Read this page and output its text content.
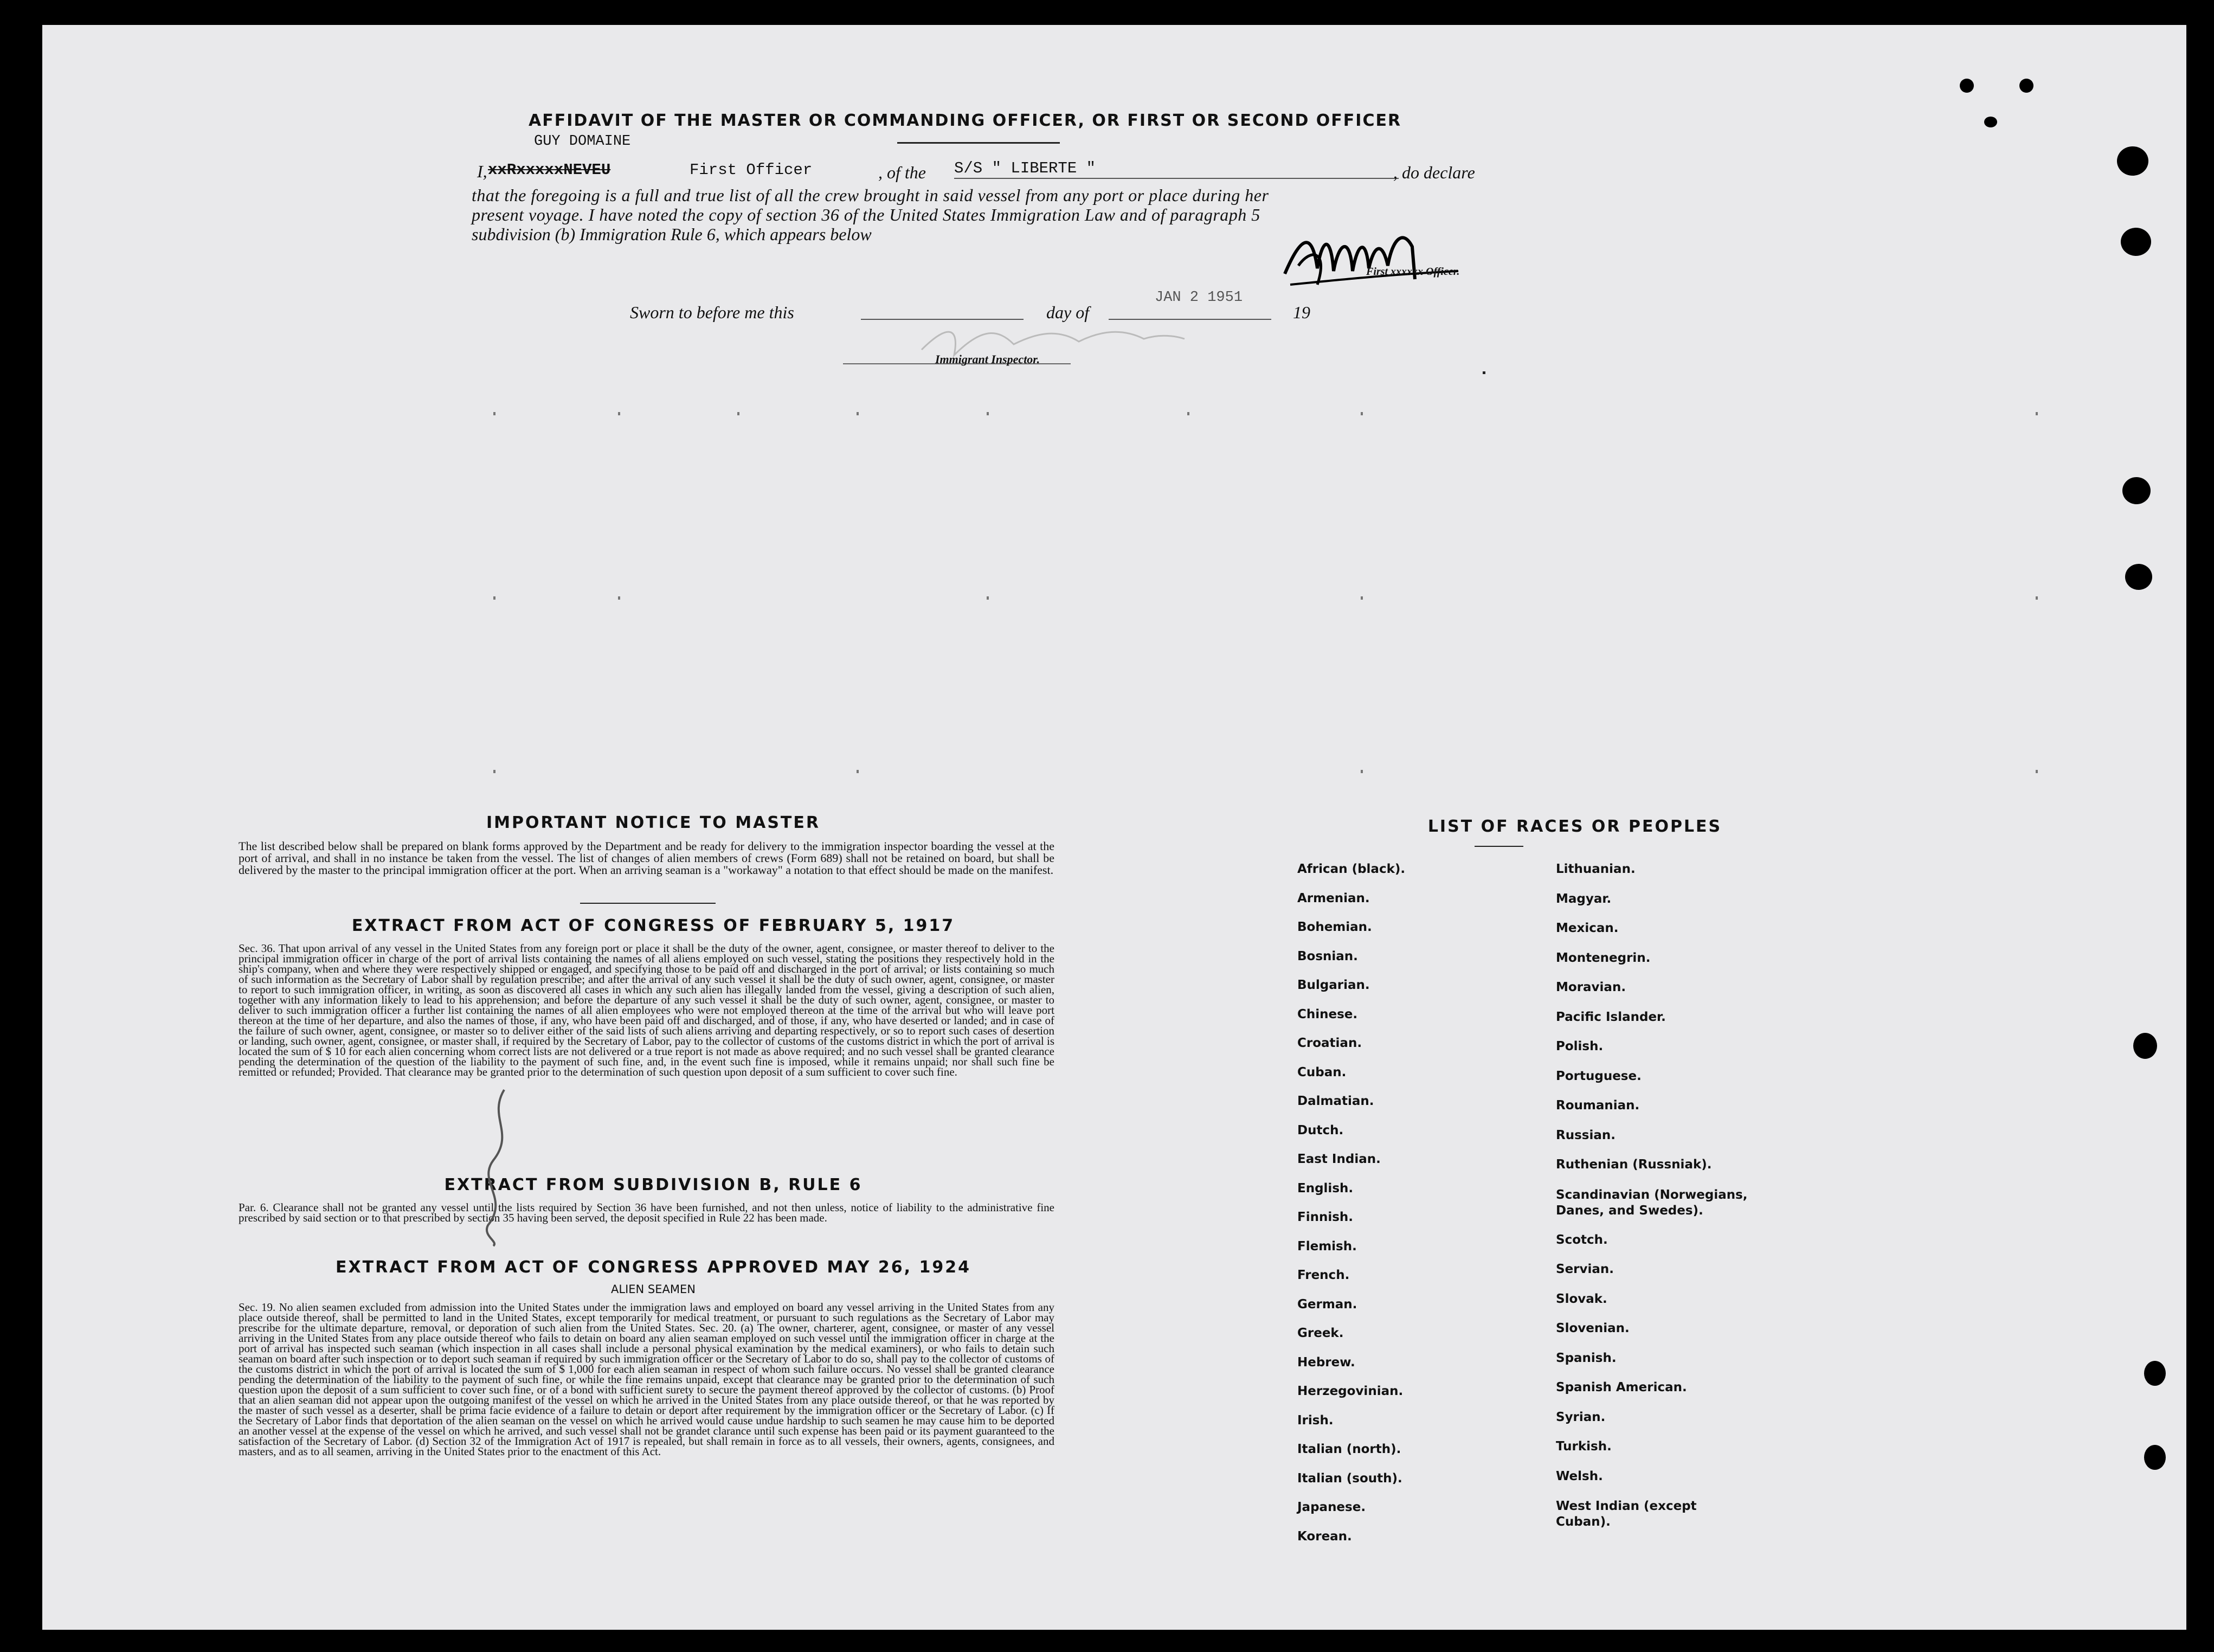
AFFIDAVIT OF THE MASTER OR COMMANDING OFFICER, OR FIRST OR SECOND OFFICER
GUY DOMAINE
I, xxRxxxxxNEVEU	First Officer	, of the S/S " LIBERTE "	, do declare
that the foregoing is a full and true list of all the crew brought in said vessel from any port or place during her
present voyage. I have noted the copy of section 36 of the United States Immigration Law and of paragraph 5
subdivision (b) Immigration Rule 6, which appears below
First xxxxxx Officer.
Sworn to before me this	day of
JAN 2 1951
19
Immigrant Inspector.
IMPORTANT NOTICE TO MASTER
The list described below shall be prepared on blank forms approved by the Department and be ready for delivery to the immigration inspector boarding the vessel at the port of arrival, and shall in no instance be taken from the vessel. The list of changes of alien members of crews (Form 689) shall not be retained on board, but shall be delivered by the master to the principal immigration officer at the port. When an arriving seaman is a "workaway" a notation to that effect should be made on the manifest.
EXTRACT FROM ACT OF CONGRESS OF FEBRUARY 5, 1917
Sec. 36. That upon arrival of any vessel in the United States from any foreign port or place it shall be the duty of the owner, agent, consignee, or master thereof to deliver to the principal immigration officer in charge of the port of arrival lists containing the names of all aliens employed on such vessel, stating the positions they respectively hold in the ship's company, when and where they were respectively shipped or engaged, and specifying those to be paid off and discharged in the port of arrival; or lists containing so much of such information as the Secretary of Labor shall by regulation prescribe; and after the arrival of any such vessel it shall be the duty of such owner, agent, consignee, or master to report to such immigration officer, in writing, as soon as discovered all cases in which any such alien has illegally landed from the vessel, giving a description of such alien, together with any information likely to lead to his apprehension; and before the departure of any such vessel it shall be the duty of such owner, agent, consignee, or master to deliver to such immigration officer a further list containing the names of all alien employees who were not employed thereon at the time of the arrival but who will leave port thereon at the time of her departure, and also the names of those, if any, who have been paid off and discharged, and of those, if any, who have deserted or landed; and in case of the failure of such owner, agent, consignee, or master so to deliver either of the said lists of such aliens arriving and departing respectively, or so to report such cases of desertion or landing, such owner, agent, consignee, or master shall, if required by the Secretary of Labor, pay to the collector of customs of the customs district in which the port of arrival is located the sum of $ 10 for each alien concerning whom correct lists are not delivered or a true report is not made as above required; and no such vessel shall be granted clearance pending the determination of the question of the liability to the payment of such fine, and, in the event such fine is imposed, while it remains unpaid; nor shall such fine be remitted or refunded; Provided. That clearance may be granted prior to the determination of such question upon deposit of a sum sufficient to cover such fine.
EXTRACT FROM SUBDIVISION B, RULE 6
Par. 6. Clearance shall not be granted any vessel until the lists required by Section 36 have been furnished, and not then unless, notice of liability to the administrative fine prescribed by said section or to that prescribed by section 35 having been served, the deposit specified in Rule 22 has been made.
EXTRACT FROM ACT OF CONGRESS APPROVED MAY 26, 1924
ALIEN SEAMEN
Sec. 19. No alien seamen excluded from admission into the United States under the immigration laws and employed on board any vessel arriving in the United States from any place outside thereof, shall be permitted to land in the United States, except temporarily for medical treatment, or pursuant to such regulations as the Secretary of Labor may prescribe for the ultimate departure, removal, or deporation of such alien from the United States. Sec. 20. (a) The owner, charterer, agent, consignee, or master of any vessel arriving in the United States from any place outside thereof who fails to detain on board any alien seaman employed on such vessel until the immigration officer in charge at the port of arrival has inspected such seaman (which inspection in all cases shall include a personal physical examination by the medical examiners), or who fails to detain such seaman on board after such inspection or to deport such seaman if required by such immigration officer or the Secretary of Labor to do so, shall pay to the collector of customs of the customs district in which the port of arrival is located the sum of $ 1,000 for each alien seaman in respect of whom such failure occurs. No vessel shall be granted clearance pending the determination of the liability to the payment of such fine, or while the fine remains unpaid, except that clearance may be granted prior to the determination of such question upon the deposit of a sum sufficient to cover such fine, or of a bond with sufficient surety to secure the payment thereof approved by the collector of customs. (b) Proof that an alien seaman did not appear upon the outgoing manifest of the vessel on which he arrived in the United States from any place outside thereof, or that he was reported by the master of such vessel as a deserter, shall be prima facie evidence of a failure to detain or deport after requirement by the immigration officer or the Secretary of Labor. (c) If the Secretary of Labor finds that deportation of the alien seaman on the vessel on which he arrived would cause undue hardship to such seamen he may cause him to be deported an another vessel at the expense of the vessel on which he arrived, and such vessel shall not be grandet clarance until such expense has been paid or its payment guaranteed to the satisfaction of the Secretary of Labor. (d) Section 32 of the Immigration Act of 1917 is repealed, but shall remain in force as to all vessels, their owners, agents, consignees, and masters, and as to all seamen, arriving in the United States prior to the enactment of this Act.
LIST OF RACES OR PEOPLES
African (black).
Armenian.
Bohemian.
Bosnian.
Bulgarian.
Chinese.
Croatian.
Cuban.
Dalmatian.
Dutch.
East Indian.
English.
Finnish.
Flemish.
French.
German.
Greek.
Hebrew.
Herzegovinian.
Irish.
Italian (north).
Italian (south).
Japanese.
Korean.
Lithuanian.
Magyar.
Mexican.
Montenegrin.
Moravian.
Pacific Islander.
Polish.
Portuguese.
Roumanian.
Russian.
Ruthenian (Russniak).
Scandinavian (Norwegians, Danes, and Swedes).
Scotch.
Servian.
Slovak.
Slovenian.
Spanish.
Spanish American.
Syrian.
Turkish.
Welsh.
West Indian (except Cuban).
